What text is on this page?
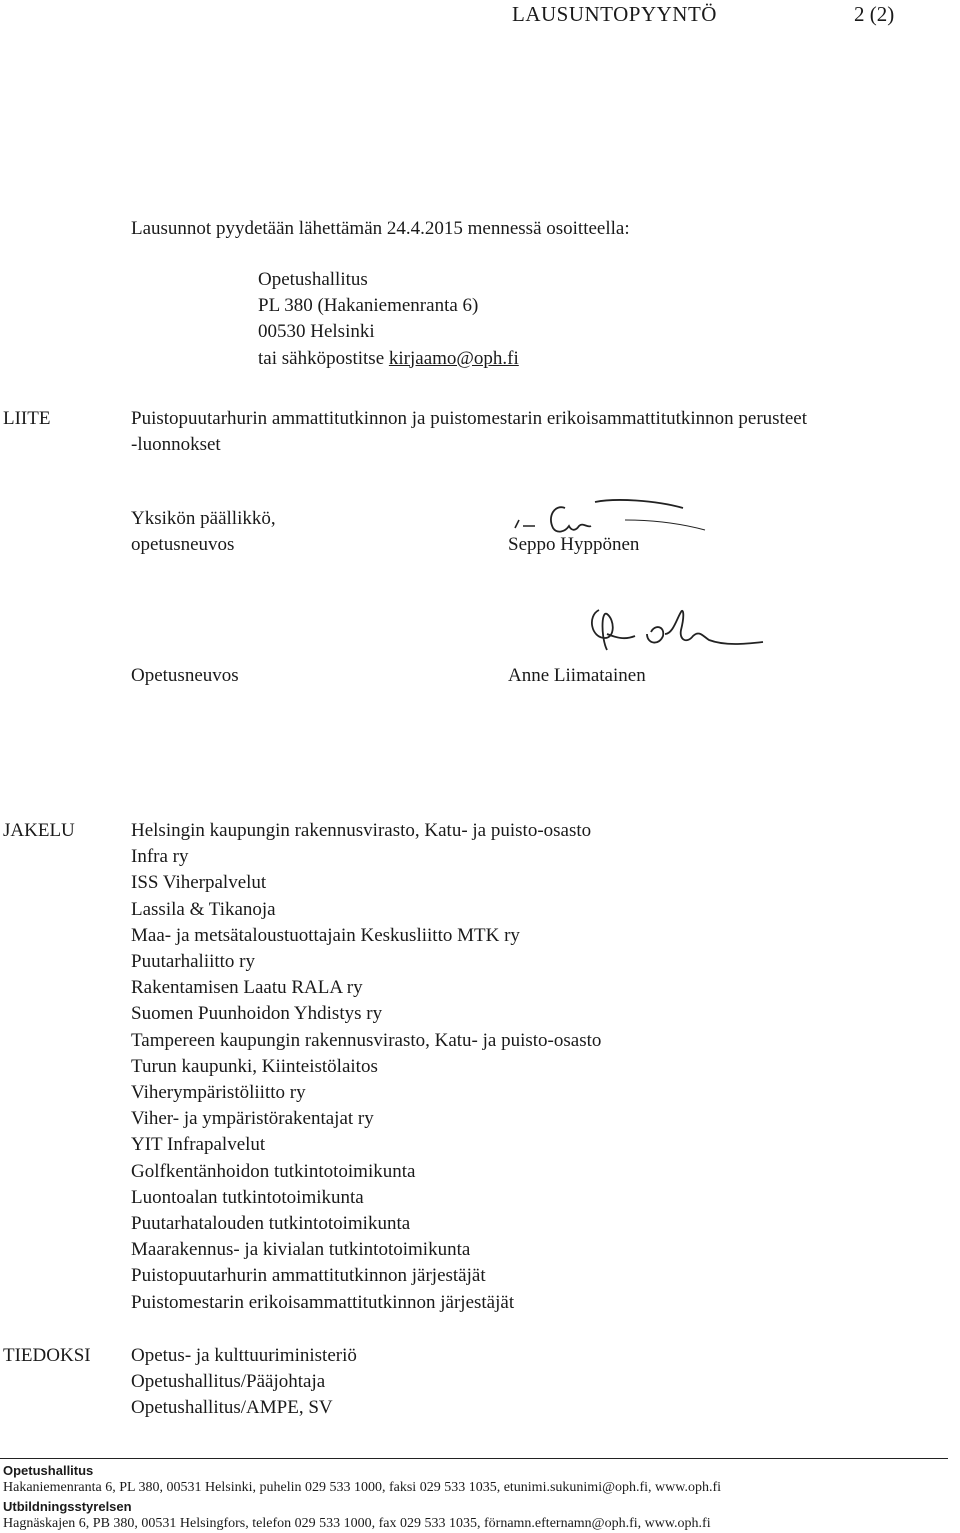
LAUSUNTOPYYNTÖ	2 (2)
Lausunnot pyydetään lähettämän 24.4.2015 mennessä osoitteella:
Opetushallitus
PL 380 (Hakaniemenranta 6)
00530 Helsinki
tai sähköpostitse kirjaamo@oph.fi
Yksikön päällikkö,
opetusneuvos	Seppo Hyppönen
Opetusneuvos	Anne Liimatainen
LIITE	Puistopuutarhurin ammattitutkinnon ja puistomestarin erikoisammattitutkinnon perusteet
-luonnokset
JAKELU	Helsingin kaupungin rakennusvirasto, Katu- ja puisto-osasto
Infra ry
ISS Viherpalvelut
Lassila & Tikanoja
Maa- ja metsätaloustuottajain Keskusliitto MTK ry
Puutarhaliitto ry
Rakentamisen Laatu RALA ry
Suomen Puunhoidon Yhdistys ry
Tampereen kaupungin rakennusvirasto, Katu- ja puisto-osasto
Turun kaupunki, Kiinteistölaitos
Viherympäristöliitto ry
Viher- ja ympäristörakentajat ry
YIT Infrapalvelut
Golfkentänhoidon tutkintotoimikunta
Luontoalan tutkintotoimikunta
Puutarhatalouden tutkintotoimikunta
Maarakennus- ja kivialan tutkintotoimikunta
Puistopuutarhurin ammattitutkinnon järjestäjät
Puistomestarin erikoisammattitutkinnon järjestäjät
TIEDOKSI Opetus- ja kulttuuriministeriö
Opetushallitus/Pääjohtaja
Opetushallitus/AMPE, SV
Opetushallitus
Hakaniemenranta 6, PL 380, 00531 Helsinki, puhelin 029 533 1000, faksi 029 533 1035, etunimi.sukunimi@oph.fi, www.oph.fi
Utbildningsstyrelsen
Hagnäskajen 6, PB 380, 00531 Helsingfors, telefon 029 533 1000, fax 029 533 1035, förnamn.efternamn@oph.fi, www.oph.fi
